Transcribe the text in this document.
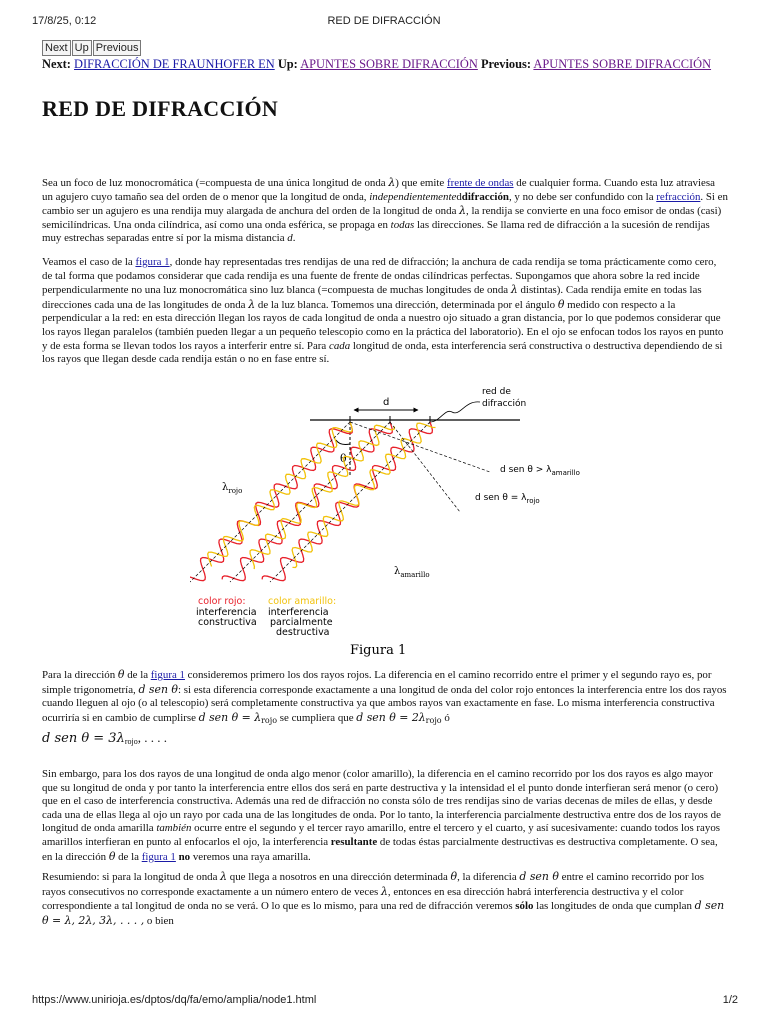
17/8/25, 0:12	RED DE DIFRACCIÓN
Next Up Previous
Next: DIFRACCIÓN DE FRAUNHOFER EN Up: APUNTES SOBRE DIFRACCIÓN Previous: APUNTES SOBRE DIFRACCIÓN
RED DE DIFRACCIÓN

Sea un foco de luz monocromática (=compuesta de una única longitud de onda λ) que emite frente de ondas de cualquier forma. Cuando esta luz atraviesa un agujero cuyo tamaño sea del orden de o menor que la longitud de onda, independientementeddifracción, y no debe ser confundido con la refracción. Si en cambio ser un agujero es una rendija muy alargada de anchura del orden de la longitud de onda λ, la rendija se convierte en una foco emisor de ondas (casi) semicilíndricas. Una onda cilíndrica, así como una onda esférica, se propaga en todas las direcciones. Se llama red de difracción a la sucesión de rendijas muy estrechas separadas entre sí por la misma distancia d.

Veamos el caso de la figura 1, donde hay representadas tres rendijas de una red de difracción; la anchura de cada rendija se toma prácticamente como cero, de tal forma que podamos considerar que cada rendija es una fuente de frente de ondas cilíndricas perfectas. Supongamos que ahora sobre la red incide perpendicularmente no una luz monocromática sino luz blanca (=compuesta de muchas longitudes de onda λ distintas). Cada rendija emite en todas las direcciones cada una de las longitudes de onda λ de la luz blanca. Tomemos una dirección, determinada por el ángulo θ medido con respecto a la perpendicular a la red: en esta dirección llegan los rayos de cada longitud de onda a nuestro ojo situado a gran distancia, por lo que podemos considerar que los rayos llegan paralelos (también pueden llegar a un pequeño telescopio como en la práctica del laboratorio). En el ojo se enfocan todos los rayos en punto y de esta forma se llevan todos los rayos a interferir entre sí. Para cada longitud de onda, esta interferencia será constructiva o destructiva dependiendo de si los rayos que llegan desde cada rendija están o no en fase entre sí.

d
red de
difracción
θ
$\lambda_{rojo}$
d sen $\theta > \lambda_{amarillo}$
d sen $\theta = \lambda_{rojo}$
$\lambda_{amarillo}$
color rojo:
interferencia
constructiva
color amarillo:
interferencia
parcialmente
destructiva
Figura 1
Para la dirección θ de la figura 1 consideremos primero los dos rayos rojos. La diferencia en el camino recorrido entre el primer y el segundo rayo es, por simple trigonometría, d sen θ: si esta diferencia corresponde exactamente a una longitud de onda del color rojo entonces la interferencia entre los dos rayos cuando lleguen al ojo (o al telescopio) será completamente constructiva ya que ambos rayos van exactamente en fase. Lo misma interferencia constructiva ocurriría si en cambio de cumplirse d sen $\theta = \lambda_{rojo}$ se cumpliera que d sen $\theta = 2\lambda_{rojo}$ ó
d sen $\theta = 3\lambda_{rojo}$, . . . .
Sin embargo, para los dos rayos de una longitud de onda algo menor (color amarillo), la diferencia en el camino recorrido por los dos rayos es algo mayor que su longitud de onda y por tanto la interferencia entre ellos dos será en parte destructiva y la intensidad el el punto donde interfieran será menor (o cero) que en el caso de interferencia constructiva. Además una red de difracción no consta sólo de tres rendijas sino de varias decenas de miles de ellas, y desde cada una de ellas llega al ojo un rayo por cada una de las longitudes de onda. Por lo tanto, la interferencia parcialmente destructiva entre dos de los rayos de longitud de onda amarilla también ocurre entre el segundo y el tercer rayo amarillo, entre el tercero y el cuarto, y así sucesivamente: cuando todos los rayos amarillos interfieran en punto al enfocarlos el ojo, la interferencia resultante de todas éstas parcialmente destructivas es destructiva completamente. O sea, en la dirección θ de la figura 1 no veremos una raya amarilla.
Resumiendo: si para la longitud de onda λ que llega a nosotros en una dirección determinada θ, la diferencia d sen θ entre el camino recorrido por los rayos consecutivos no corresponde exactamente a un número entero de veces λ, entonces en esa dirección habrá interferencia destructiva y el color correspondiente a tal longitud de onda no se verá. O lo que es lo mismo, para una red de difracción veremos sólo las longitudes de onda que cumplan d sen θ = λ, 2λ, 3λ, . . . , o bien
https://www.unirioja.es/dptos/dq/fa/emo/amplia/node1.html	1/2
